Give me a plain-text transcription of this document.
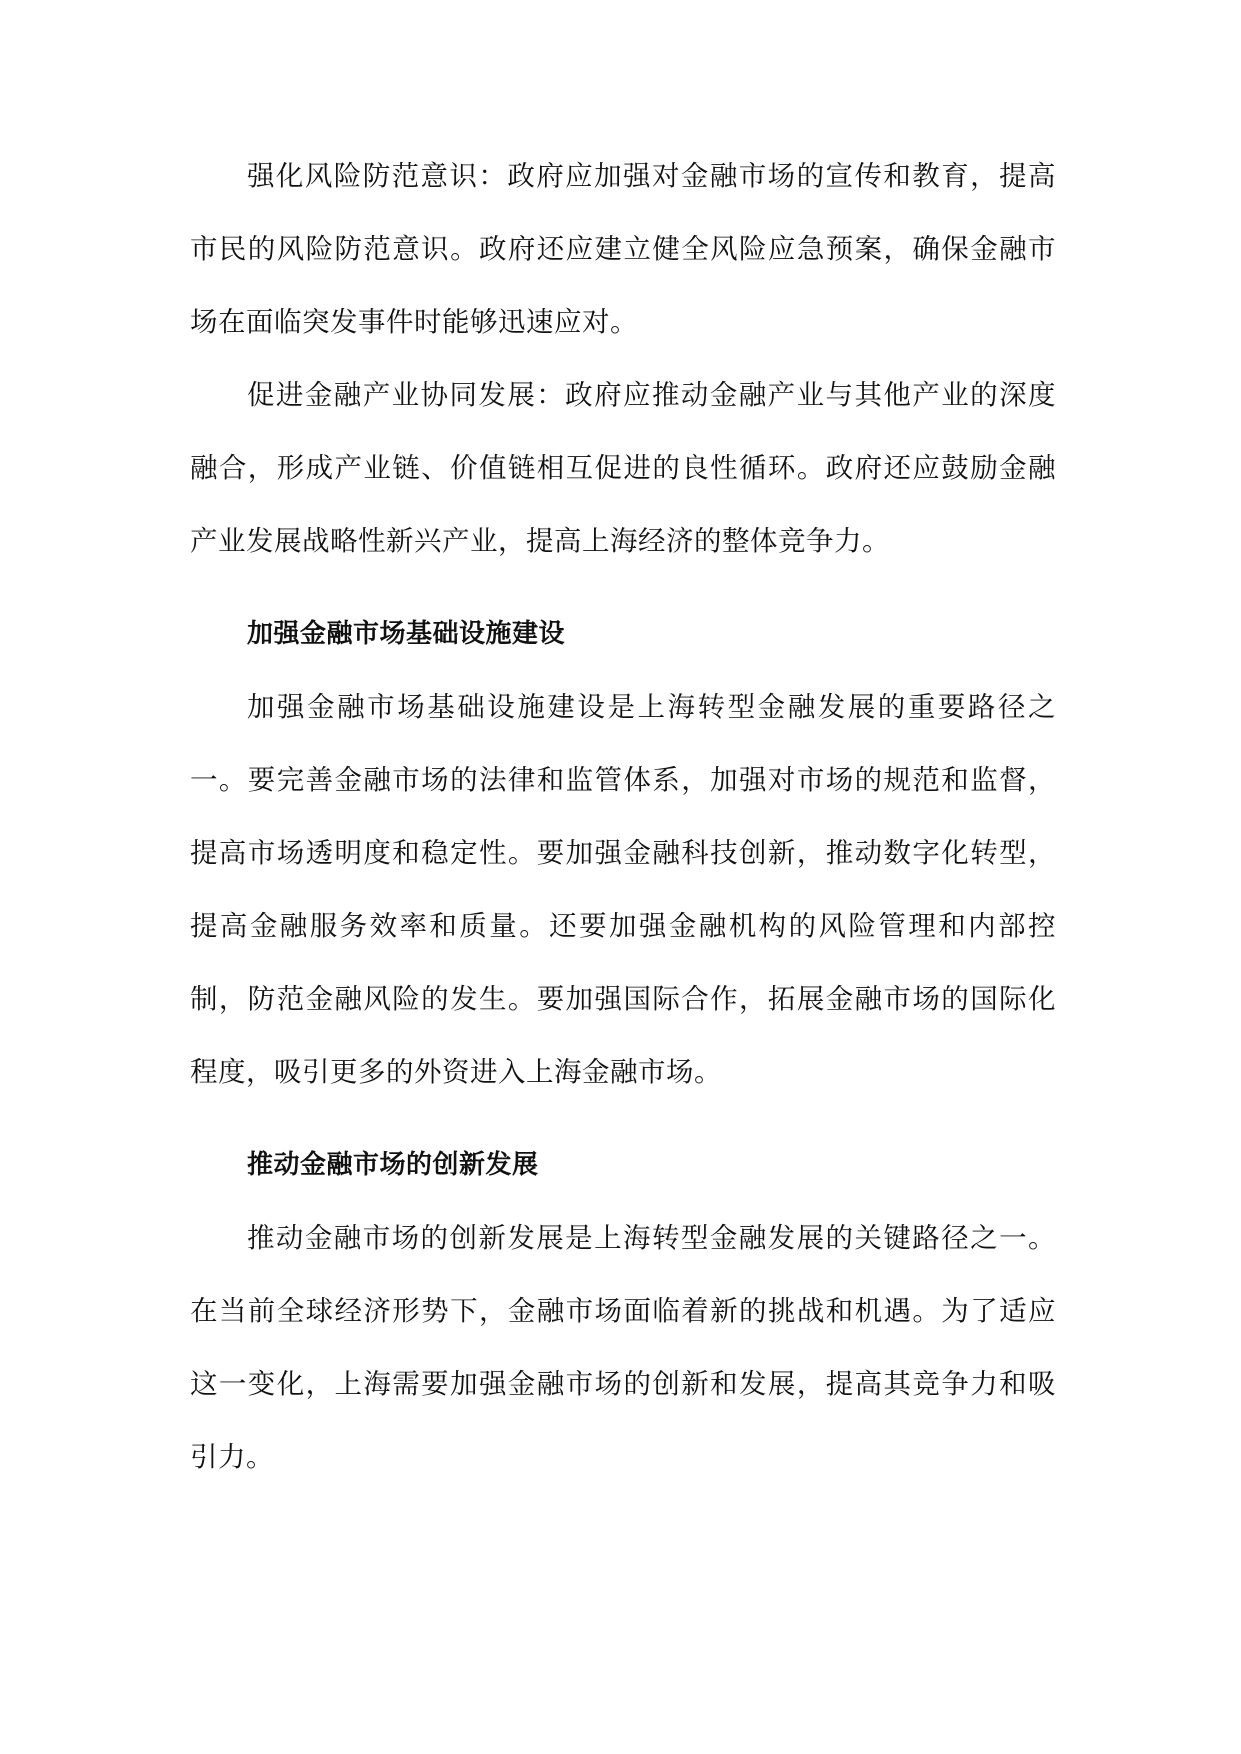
强化风险防范意识：政府应加强对金融市场的宣传和教育，提高市民的风险防范意识。政府还应建立健全风险应急预案，确保金融市场在面临突发事件时能够迅速应对。

促进金融产业协同发展：政府应推动金融产业与其他产业的深度融合，形成产业链、价值链相互促进的良性循环。政府还应鼓励金融产业发展战略性新兴产业，提高上海经济的整体竞争力。

加强金融市场基础设施建设

加强金融市场基础设施建设是上海转型金融发展的重要路径之一。要完善金融市场的法律和监管体系，加强对市场的规范和监督，提高市场透明度和稳定性。要加强金融科技创新，推动数字化转型，提高金融服务效率和质量。还要加强金融机构的风险管理和内部控制，防范金融风险的发生。要加强国际合作，拓展金融市场的国际化程度，吸引更多的外资进入上海金融市场。

推动金融市场的创新发展

推动金融市场的创新发展是上海转型金融发展的关键路径之一。在当前全球经济形势下，金融市场面临着新的挑战和机遇。为了适应这一变化，上海需要加强金融市场的创新和发展，提高其竞争力和吸引力。
